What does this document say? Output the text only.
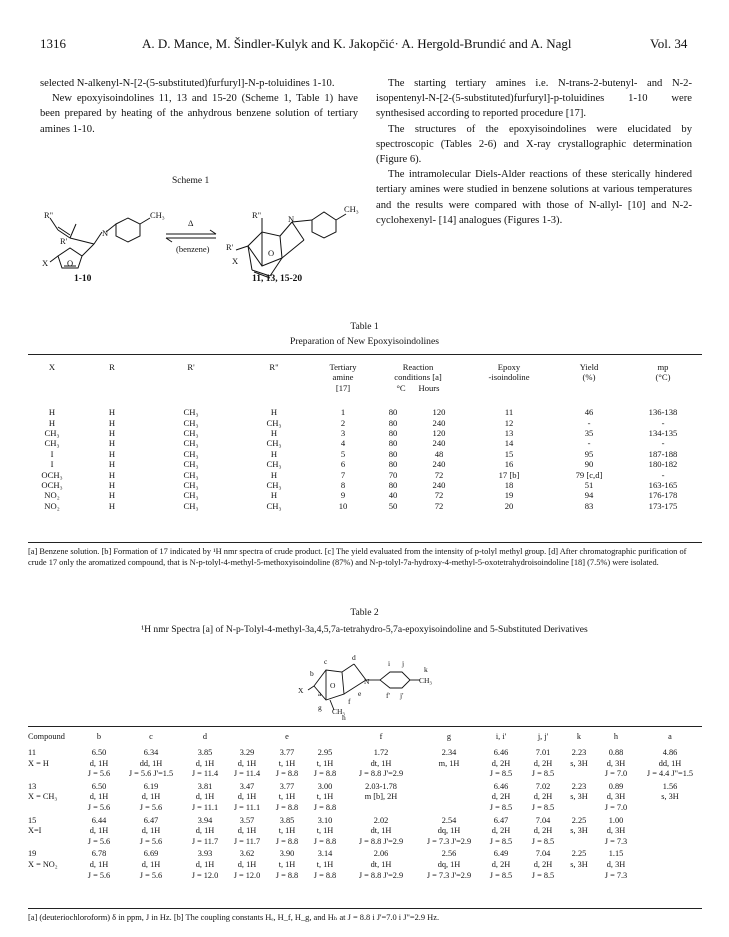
1316	A. D. Mance, M. Šindler-Kulyk and K. Jakopčić· A. Hergold-Brundić and A. Nagl	Vol. 34

selected N-alkenyl-N-[2-(5-substituted)furfuryl]-N-p-toluidines 1-10.

New epoxyisoindolines 11, 13 and 15-20 (Scheme 1, Table 1) have been prepared by heating of the anhydrous benzene solution of tertiary amines 1-10.

The starting tertiary amines i.e. N-trans-2-butenyl- and N-2-isopentenyl-N-[2-(5-substituted)furfuryl]-p-toluidines 1-10 were synthesised according to reported procedure [17].

The structures of the epoxyisoindolines were elucidated by spectroscopic (Tables 2-6) and X-ray crystallographic determination (Figure 6).

The intramolecular Diels-Alder reactions of these sterically hindered tertiary amines were studied in benzene solutions at various temperatures and the results were compared with those of N-allyl- [10] and N-2-cyclohexenyl- [14] analogues (Figures 1-3).

Scheme 1
R"
R'
N
O
X
CH₃
Δ
(benzene)
R"
R'
N
O
X
CH₃
1-10	11, 13, 15-20
Table 1
Preparation of New Epoxyisoindolines
X	R	R'	R"	Tertiary
amine
[17]	Reaction
conditions [a]
°C      Hours		Epoxy
-isoindoline	Yield
(%)	mp
(°C)
H	H	CH₃	H	1	80	120	11	46	136-138
H	H	CH₃	CH₃	2	80	240	12	-	-
CH₃	H	CH₃	H	3	80	120	13	35	134-135
CH₃	H	CH₃	CH₃	4	80	240	14	-	-
I	H	CH₃	H	5	80	48	15	95	187-188
I	H	CH₃	CH₃	6	80	240	16	90	180-182
OCH₃	H	CH₃	H	7	70	72	17 [b]	79 [c,d]	-
OCH₃	H	CH₃	CH₃	8	80	240	18	51	163-165
NO₂	H	CH₃	H	9	40	72	19	94	176-178
NO₂	H	CH₃	CH₃	10	50	72	20	83	173-175
[a] Benzene solution. [b] Formation of 17 indicated by ¹H nmr spectra of crude product. [c] The yield evaluated from the intensity of p-tolyl methyl group. [d] After chromatographic purification of crude 17 only the aromatized compound, that is N-p-tolyl-4-methyl-5-methoxyisoindoline (87%) and N-p-tolyl-7a-hydroxy-4-methyl-5-oxotetrahydroisoindoline [18] (7.5%) were isolated.
Table 2
¹H nmr Spectra [a] of N-p-Tolyl-4-methyl-3a,4,5,7a-tetrahydro-5,7a-epoxyisoindoline and 5-Substituted Derivatives
X
O	N	CH₃
CH₃
b
c	d
e
f
g
h
i j
k
a	f' j'
Compound	b	c	d		e		f	g	i, i'	j, j'	k	h	a
11	6.50	6.34	3.85	3.29	3.77	2.95	1.72	2.34	6.46	7.01	2.23	0.88	4.86
X = H	d, 1H	dd, 1H	d, 1H	d, 1H	t, 1H	t, 1H	dt, 1H	m, 1H	d, 2H	d, 2H	s, 3H	d, 3H	dd, 1H
	J = 5.6	J = 5.6 J'=1.5	J = 11.4	J = 11.4	J = 8.8	J = 8.8	J = 8.8 J'=2.9		J = 8.5	J = 8.5		J = 7.0	J = 4.4 J"=1.5
13	6.50	6.19	3.81	3.47	3.77	3.00	2.03-1.78		6.46	7.02	2.23	0.89	1.56
X = CH₃	d, 1H	d, 1H	d, 1H	d, 1H	t, 1H	t, 1H	m [b], 2H		d, 2H	d, 2H	s, 3H	d, 3H	s, 3H
	J = 5.6	J = 5.6	J = 11.1	J = 11.1	J = 8.8	J = 8.8			J = 8.5	J = 8.5		J = 7.0	
15	6.44	6.47	3.94	3.57	3.85	3.10	2.02	2.54	6.47	7.04	2.25	1.00	
X=I	d, 1H	d, 1H	d, 1H	d, 1H	t, 1H	t, 1H	dt, 1H	dq, 1H	d, 2H	d, 2H	s, 3H	d, 3H	
	J = 5.6	J = 5.6	J = 11.7	J = 11.7	J = 8.8	J = 8.8	J = 8.8 J'=2.9	J = 7.3 J'=2.9	J = 8.5	J = 8.5		J = 7.3	
19	6.78	6.69	3.93	3.62	3.90	3.14	2.06	2.56	6.49	7.04	2.25	1.15	
X = NO₂	d, 1H	d, 1H	d, 1H	d, 1H	t, 1H	t, 1H	dt, 1H	dq, 1H	d, 2H	d, 2H	s, 3H	d, 3H	
	J = 5.6	J = 5.6	J = 12.0	J = 12.0	J = 8.8	J = 8.8	J = 8.8 J'=2.9	J = 7.3 J'=2.9	J = 8.5	J = 8.5		J = 7.3	
[a] (deuteriochloroform) δ in ppm, J in Hz. [b] The coupling constants Hₑ, H_f, H_g, and Hₕ at J = 8.8 i J'=7.0 i J"=2.9 Hz.
